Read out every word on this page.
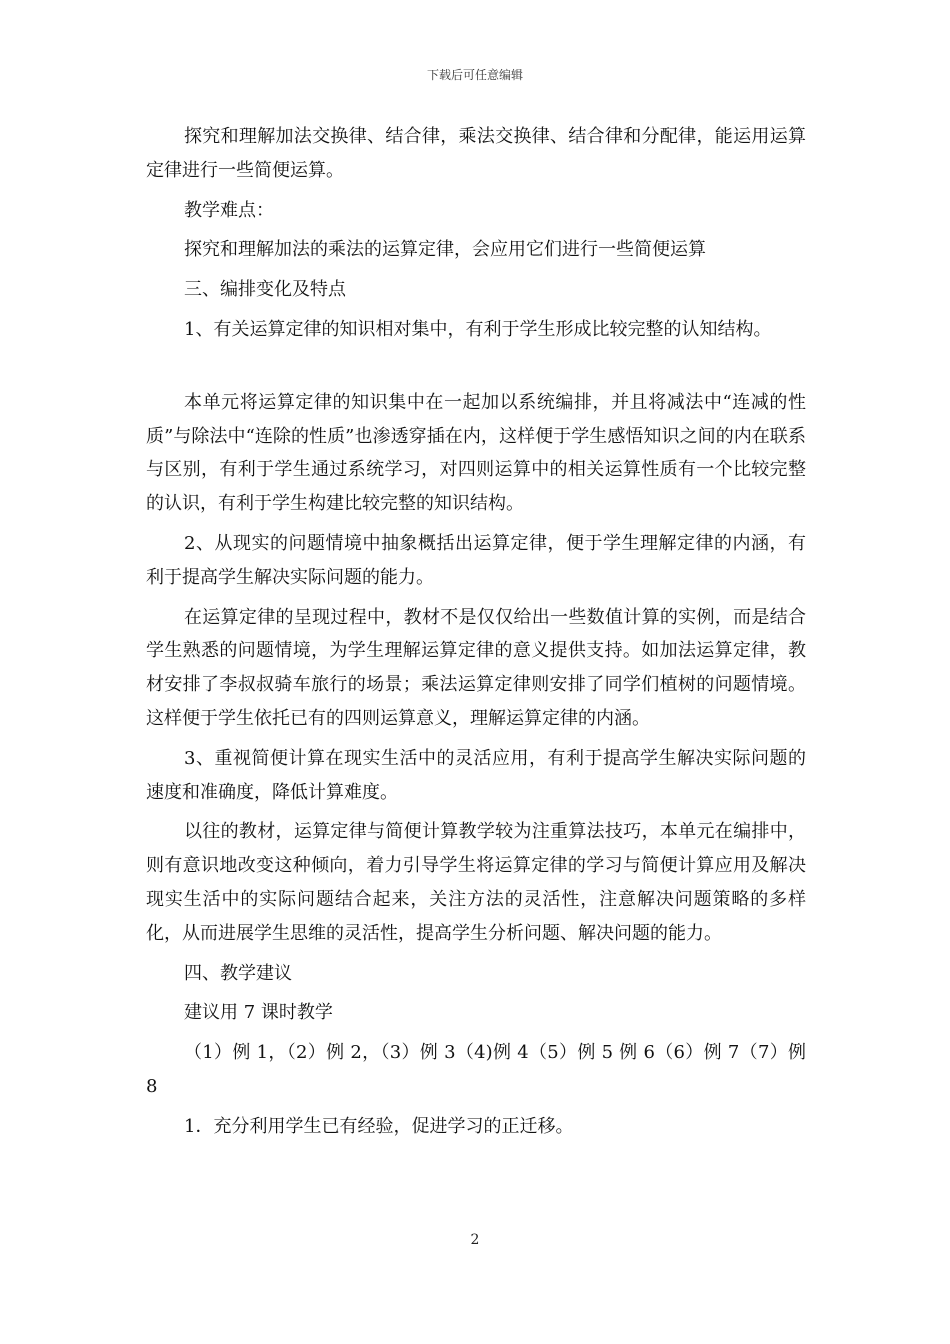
下载后可任意编辑

探究和理解加法交换律、结合律，乘法交换律、结合律和分配律，能运用运算定律进行一些简便运算。

教学难点：

探究和理解加法的乘法的运算定律，会应用它们进行一些简便运算

三、编排变化及特点

1、有关运算定律的知识相对集中，有利于学生形成比较完整的认知结构。

本单元将运算定律的知识集中在一起加以系统编排，并且将减法中“连减的性质”与除法中“连除的性质”也渗透穿插在内，这样便于学生感悟知识之间的内在联系与区别，有利于学生通过系统学习，对四则运算中的相关运算性质有一个比较完整的认识，有利于学生构建比较完整的知识结构。

2、从现实的问题情境中抽象概括出运算定律，便于学生理解定律的内涵，有利于提高学生解决实际问题的能力。

在运算定律的呈现过程中，教材不是仅仅给出一些数值计算的实例，而是结合学生熟悉的问题情境，为学生理解运算定律的意义提供支持。如加法运算定律，教材安排了李叔叔骑车旅行的场景；乘法运算定律则安排了同学们植树的问题情境。这样便于学生依托已有的四则运算意义，理解运算定律的内涵。

3、重视简便计算在现实生活中的灵活应用，有利于提高学生解决实际问题的速度和准确度，降低计算难度。

以往的教材，运算定律与简便计算教学较为注重算法技巧，本单元在编排中，则有意识地改变这种倾向，着力引导学生将运算定律的学习与简便计算应用及解决现实生活中的实际问题结合起来，关注方法的灵活性，注意解决问题策略的多样化，从而进展学生思维的灵活性，提高学生分析问题、解决问题的能力。

四、教学建议

建议用 7 课时教学

（1）例 1，（2）例 2，（3）例 3（4)例 4（5）例 5 例 6（6）例 7（7）例 8

1．充分利用学生已有经验，促进学习的正迁移。

2
